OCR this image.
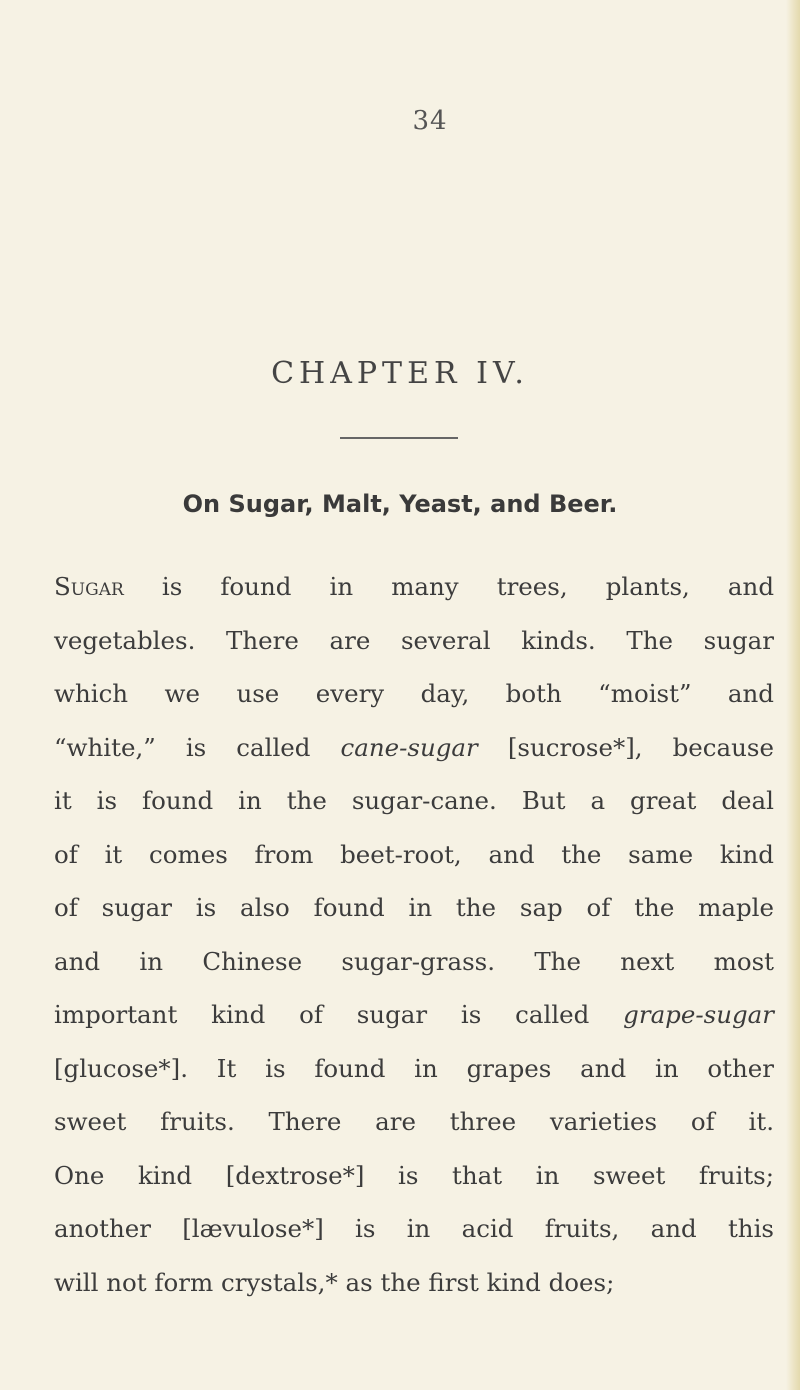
34
CHAPTER IV.
On Sugar, Malt, Yeast, and Beer.
Sugar is found in many trees, plants, and
vegetables. There are several kinds. The sugar
which we use every day, both “moist” and
“white,” is called cane-sugar [sucrose*], because
it is found in the sugar-cane. But a great deal
of it comes from beet-root, and the same kind
of sugar is also found in the sap of the maple
and in Chinese sugar-grass. The next most
important kind of sugar is called grape-sugar
[glucose*]. It is found in grapes and in other
sweet fruits. There are three varieties of it.
One kind [dextrose*] is that in sweet fruits;
another [lævulose*] is in acid fruits, and this
will not form crystals,* as the first kind does;
